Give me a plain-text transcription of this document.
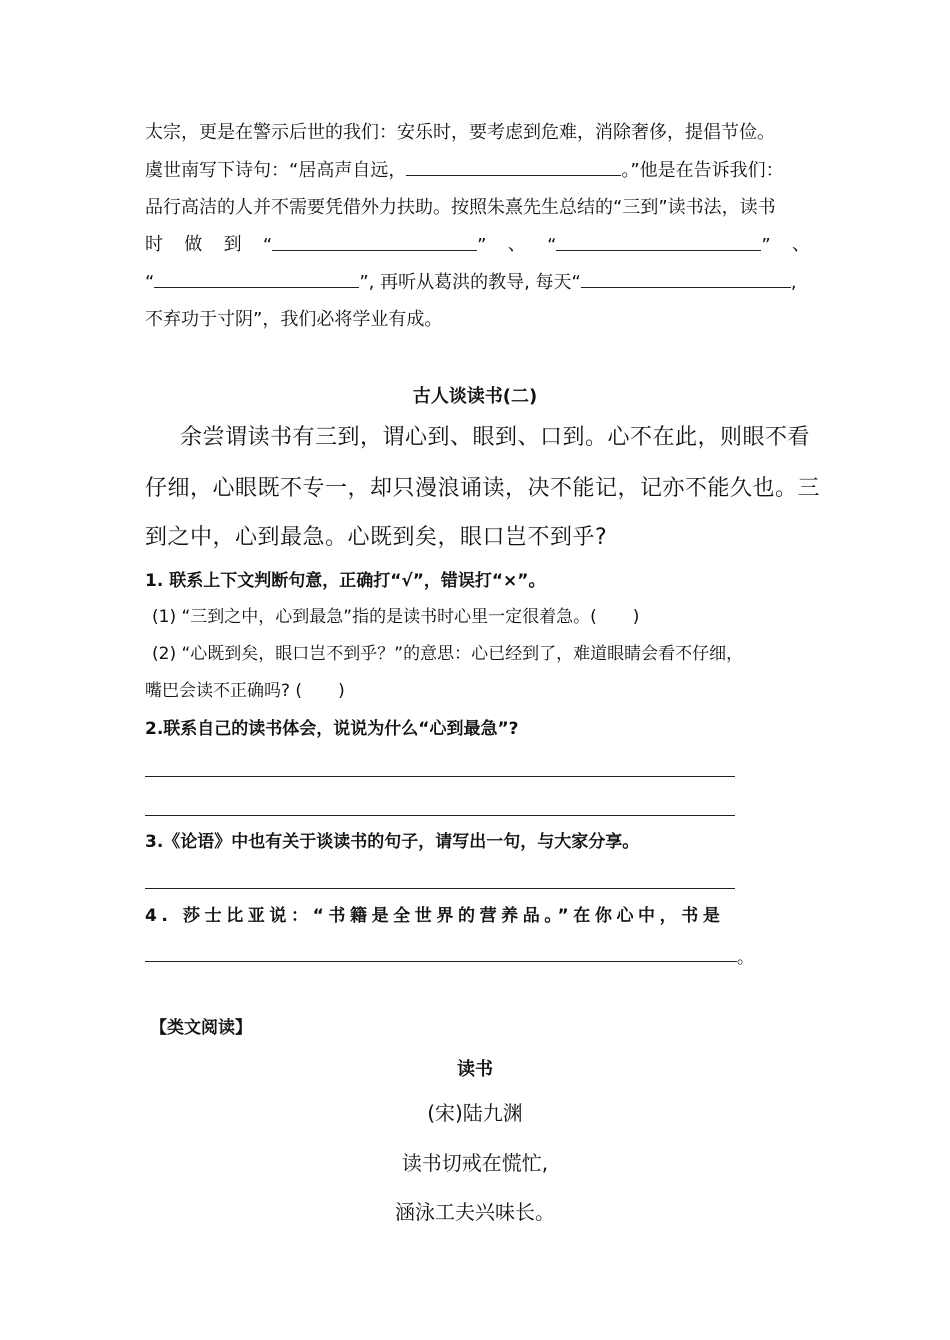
太宗，更是在警示后世的我们：安乐时，要考虑到危难，消除奢侈，提倡节俭。
虞世南写下诗句：“居高声自远，	。”他是在告诉我们：
品行高洁的人并不需要凭借外力扶助。按照朱熹先生总结的“三到”读书法，读书
时 做 到 “	” 、 “	” 、
“	”, 再听从葛洪的教导, 每天“	,
不弃功于寸阴”，我们必将学业有成。
古人谈读书(二)
余尝谓读书有三到，谓心到、眼到、口到。心不在此，则眼不看
仔细，心眼既不专一，却只漫浪诵读，决不能记，记亦不能久也。三
到之中，心到最急。心既到矣，眼口岂不到乎?
1. 联系上下文判断句意，正确打“√”，错误打“×”。
(1) “三到之中，心到最急”指的是读书时心里一定很着急。( )
(2) “心既到矣，眼口岂不到乎？”的意思：心已经到了，难道眼睛会看不仔细，
嘴巴会读不正确吗? ( )
2.联系自己的读书体会，说说为什么“心到最急”?
3.《论语》中也有关于谈读书的句子，请写出一句，与大家分享。
4. 莎士比亚说：“书籍是全世界的营养品。”在你心中，书是
。
【类文阅读】
读书
(宋)陆九渊
读书切戒在慌忙,
涵泳工夫兴味长。
